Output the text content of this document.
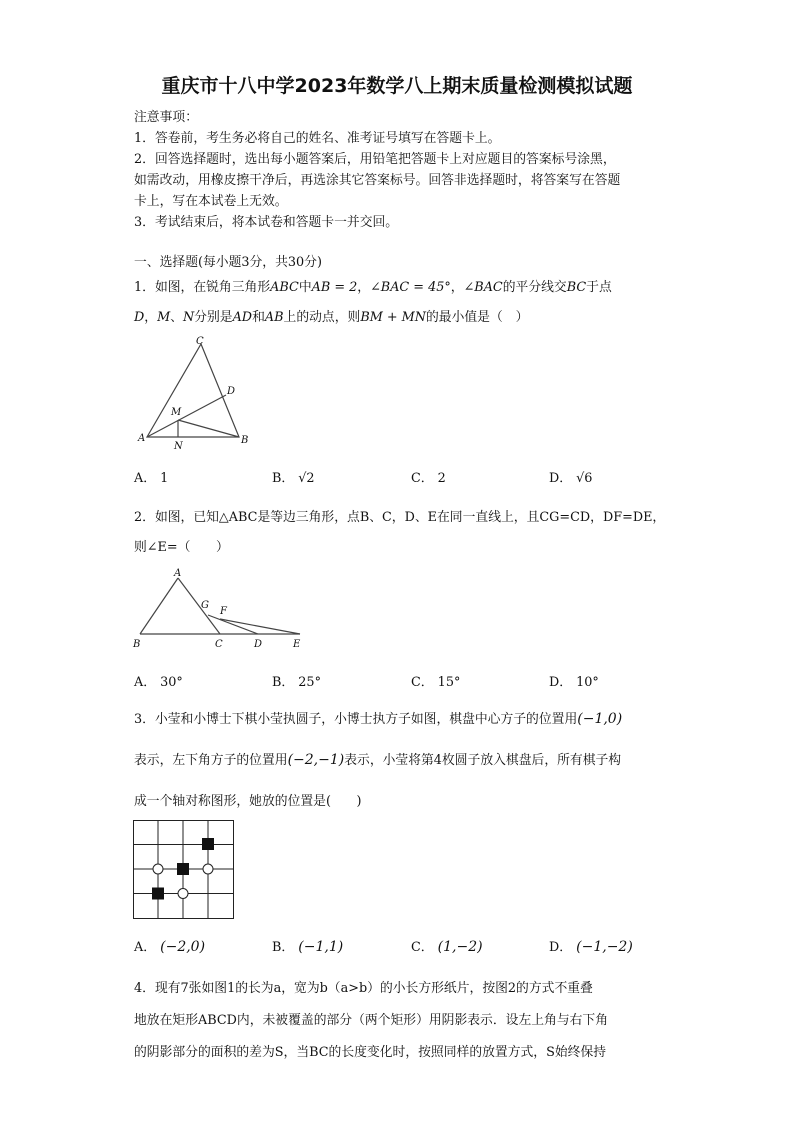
重庆市十八中学2023年数学八上期末质量检测模拟试题
注意事项：
1．答卷前，考生务必将自己的姓名、准考证号填写在答题卡上。
2．回答选择题时，选出每小题答案后，用铅笔把答题卡上对应题目的答案标号涂黑，
如需改动，用橡皮擦干净后，再选涂其它答案标号。回答非选择题时，将答案写在答题
卡上，写在本试卷上无效。
3．考试结束后，将本试卷和答题卡一并交回。
一、选择题(每小题3分，共30分)
1．如图，在锐角三角形ABC中AB = 2，∠BAC = 45°，∠BAC的平分线交BC于点
D，M、N分别是AD和AB上的动点，则BM + MN的最小值是（　）
C
D
M
A	B
N
A． 1	B． √2	C． 2	D． √6
2．如图，已知△ABC是等边三角形，点B、C，D、E在同一直线上，且CG=CD，DF=DE，
则∠E=（　　）
A
G
F
B	C	D	E
A． 30°	B． 25°	C． 15°	D． 10°
3．小莹和小博士下棋小莹执圆子，小博士执方子如图，棋盘中心方子的位置用(−1,0)
表示，左下角方子的位置用(−2,−1)表示，小莹将第4枚圆子放入棋盘后，所有棋子构
成一个轴对称图形，她放的位置是(　　)
A． (−2,0)	B． (−1,1)	C． (1,−2)	D． (−1,−2)
4．现有7张如图1的长为a，宽为b（a>b）的小长方形纸片，按图2的方式不重叠
地放在矩形ABCD内，未被覆盖的部分（两个矩形）用阴影表示．设左上角与右下角
的阴影部分的面积的差为S，当BC的长度变化时，按照同样的放置方式，S始终保持
